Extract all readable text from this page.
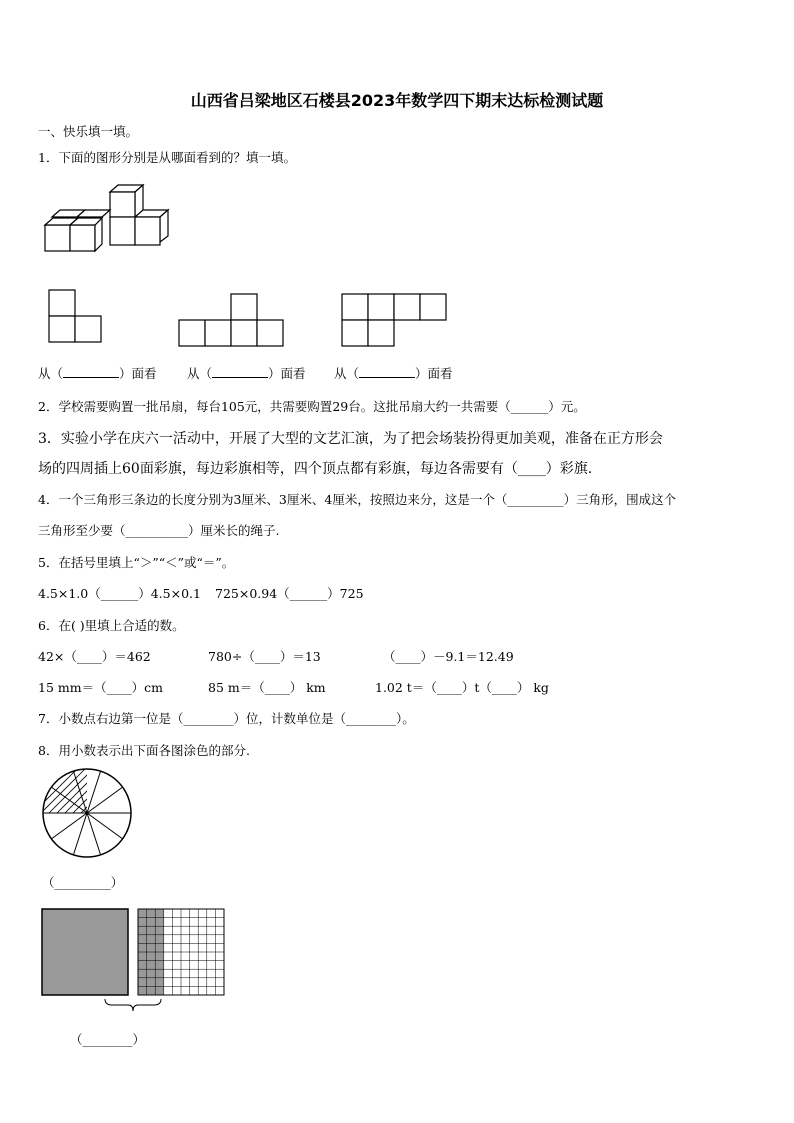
山西省吕梁地区石楼县2023年数学四下期末达标检测试题
一、快乐填一填。
1．下面的图形分别是从哪面看到的？填一填。
从（	）面看 从（	）面看 从（	）面看
2．学校需要购置一批吊扇，每台105元，共需要购置29台。这批吊扇大约一共需要（______）元。
3．实验小学在庆六一活动中，开展了大型的文艺汇演，为了把会场装扮得更加美观，准备在正方形会
场的四周插上60面彩旗，每边彩旗相等，四个顶点都有彩旗，每边各需要有（____）彩旗.
4．一个三角形三条边的长度分别为3厘米、3厘米、4厘米，按照边来分，这是一个（_________）三角形，围成这个
三角形至少要（__________）厘米长的绳子.
5．在括号里填上“＞”“＜”或“＝”。
4.5×1.0（______）4.5×0.1 725×0.94（______）725
6．在( )里填上合适的数。
42×（____）＝462	780÷（____）＝13	（____）－9.1＝12.49
15 mm＝（____）cm	85 m＝（____） km	1.02 t＝（____）t（____） kg
7．小数点右边第一位是（________）位，计数单位是（________）。
8．用小数表示出下面各图涂色的部分.
（_________）
（________）
